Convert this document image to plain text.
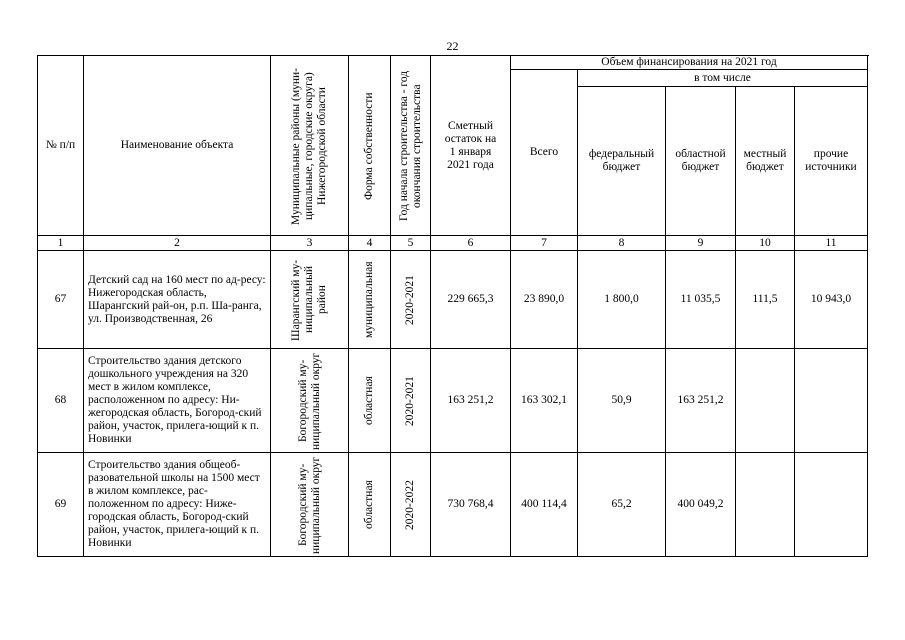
22
№ п/п	Наименование объекта	Муниципальные районы (муни-ципальные, городские округа) Нижегородской области	Форма собственности	Год начала строительства - год окончания строительства	Сметный остаток на 1 января 2021 года	Объем финансирования на 2021 год				
						Всего	в том числе			
							федеральный бюджет	областной бюджет	местный бюджет	прочие источники
1	2	3	4	5	6	7	8	9	10	11
67	Детский сад на 160 мест по ад-ресу: Нижегородская область, Шарангский рай-он, р.п. Ша-ранга, ул. Производственная, 26	Шарангский му-ниципальный район	муниципальная	2020-2021	229 665,3	23 890,0	1 800,0	11 035,5	111,5	10 943,0
68	Строительство здания детского дошкольного учреждения на 320 мест в жилом комплексе, расположенном по адресу: Ни-жегородская область, Богород-ский район, участок, прилега-ющий к п. Новинки	Богородский му-ниципальный округ	областная	2020-2021	163 251,2	163 302,1	50,9	163 251,2		
69	Строительство здания общеоб-разовательной школы на 1500 мест в жилом комплексе, рас-положенном по адресу: Ниже-городская область, Богород-ский район, участок, прилега-ющий к п. Новинки	Богородский му-ниципальный округ	областная	2020-2022	730 768,4	400 114,4	65,2	400 049,2		
